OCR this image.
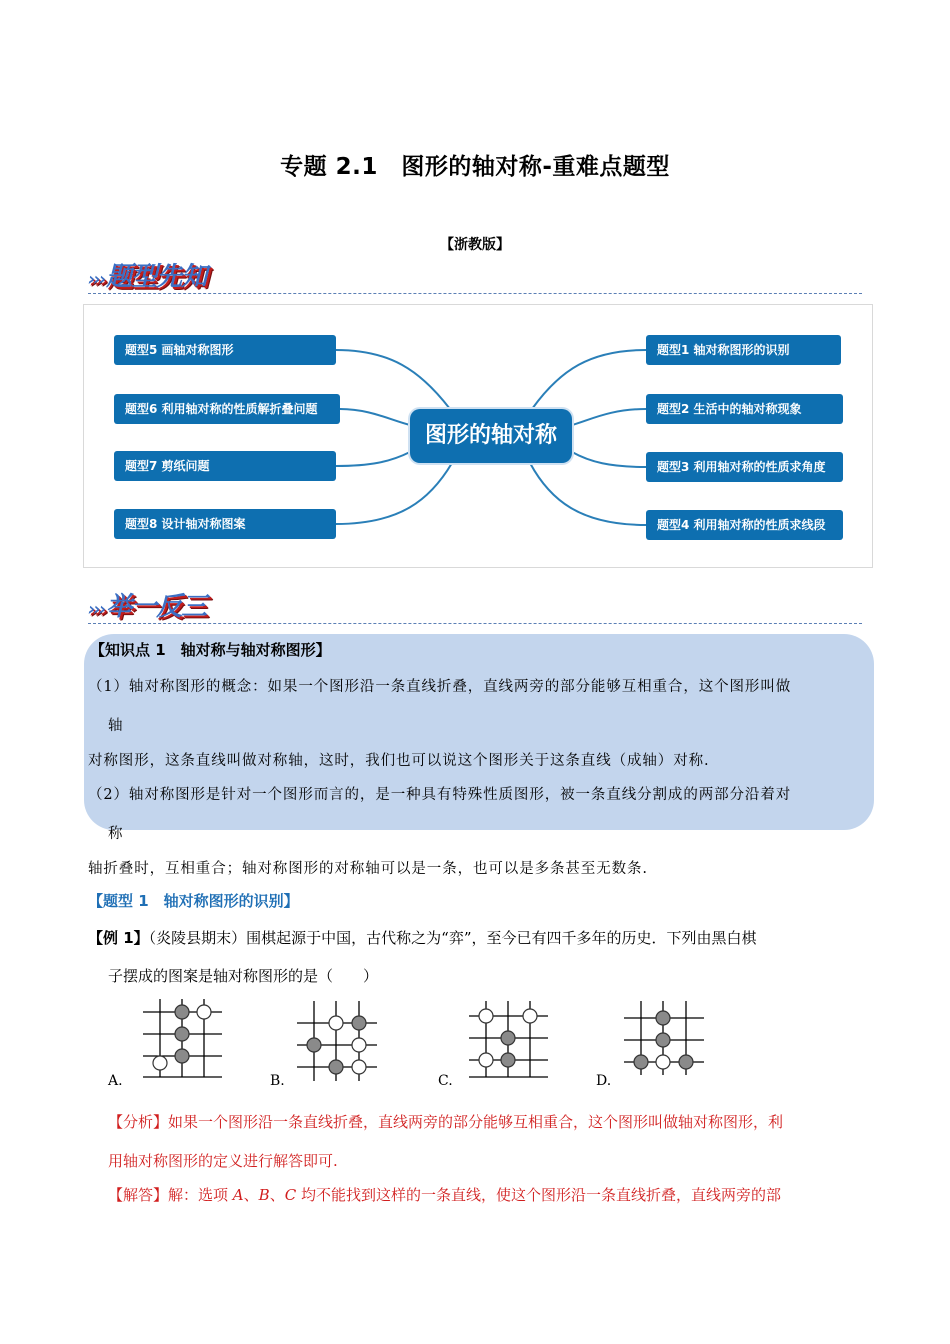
专题 2.1　图形的轴对称-重难点题型
【浙教版】
›››题型先知
题型5 画轴对称图形
题型6 利用轴对称的性质解折叠问题
题型7 剪纸问题
题型8 设计轴对称图案
题型1 轴对称图形的识别
题型2 生活中的轴对称现象
题型3 利用轴对称的性质求角度
题型4 利用轴对称的性质求线段
图形的轴对称
›››举一反三
【知识点 1　轴对称与轴对称图形】
（1）轴对称图形的概念：如果一个图形沿一条直线折叠，直线两旁的部分能够互相重合，这个图形叫做
轴
对称图形，这条直线叫做对称轴，这时，我们也可以说这个图形关于这条直线（成轴）对称.
（2）轴对称图形是针对一个图形而言的，是一种具有特殊性质图形，被一条直线分割成的两部分沿着对
称
轴折叠时，互相重合；轴对称图形的对称轴可以是一条，也可以是多条甚至无数条.
【题型 1　轴对称图形的识别】
【例 1】（炎陵县期末）围棋起源于中国，古代称之为“弈”，至今已有四千多年的历史．下列由黑白棋
子摆成的图案是轴对称图形的是（　　）
A.	B.	C.	D.
【分析】如果一个图形沿一条直线折叠，直线两旁的部分能够互相重合，这个图形叫做轴对称图形，利
用轴对称图形的定义进行解答即可.
【解答】解：选项 A、B、C 均不能找到这样的一条直线，使这个图形沿一条直线折叠，直线两旁的部
